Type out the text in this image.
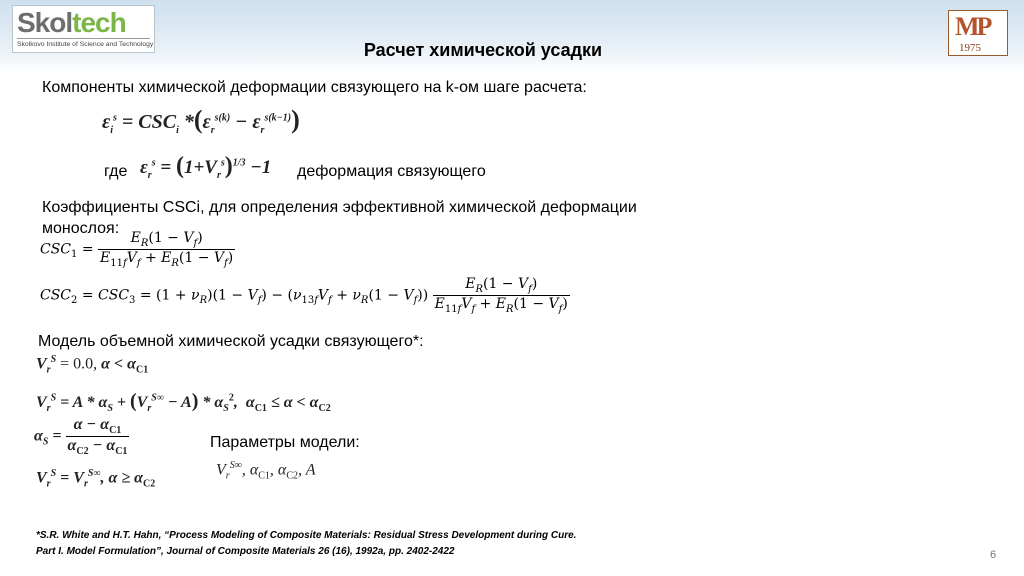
Skoltech
Skolkovo Institute of Science and Technology
МР
1975
Расчет химической усадки
Компоненты химической деформации связующего на k-ом шаге расчета:
$\varepsilon_i^s = CSC_i$ $*(\varepsilon_r^{s(k)} - \varepsilon_r^{s(k-1)})$
где $\varepsilon_r^s = (1+V_r^s)^{1/3} -1$ деформация связующего
Коэффициенты CSCi, для определения эффективной химической деформации
монослоя:
$CSC_1 = \frac{E_R(1 - V_f)}{E_{11f}V_f + E_R(1 - V_f)}$
$CSC_2 = CSC_3 = (1 + \nu_R)(1 - V_f) - (\nu_{13f}V_f + \nu_R(1 - V_f)) \frac{E_R(1 - V_f)}{E_{11f}V_f + E_R(1 - V_f)}$
Модель объемной химической усадки связующего*:
$V_r^S = 0.0$, $\alpha < \alpha_{C1}$
$V_r^S = A * \alpha_S + (V_r^{S\infty} - A) * \alpha_S^2$,  $\alpha_{C1} \le \alpha < \alpha_{C2}$
$\alpha_S = \frac{\alpha - \alpha_{C1}}{\alpha_{C2} - \alpha_{C1}}$	Параметры модели:
$V_r^S = V_r^{S\infty}$, $\alpha \ge \alpha_{C2}$
$V_r^{S\infty}$, $\alpha_{C1}$, $\alpha_{C2}$, A
*S.R. White and H.T. Hahn, “Process Modeling of Composite Materials: Residual Stress Development during Cure.
Part I. Model Formulation”, Journal of Composite Materials 26 (16), 1992a, pp. 2402-2422	6
